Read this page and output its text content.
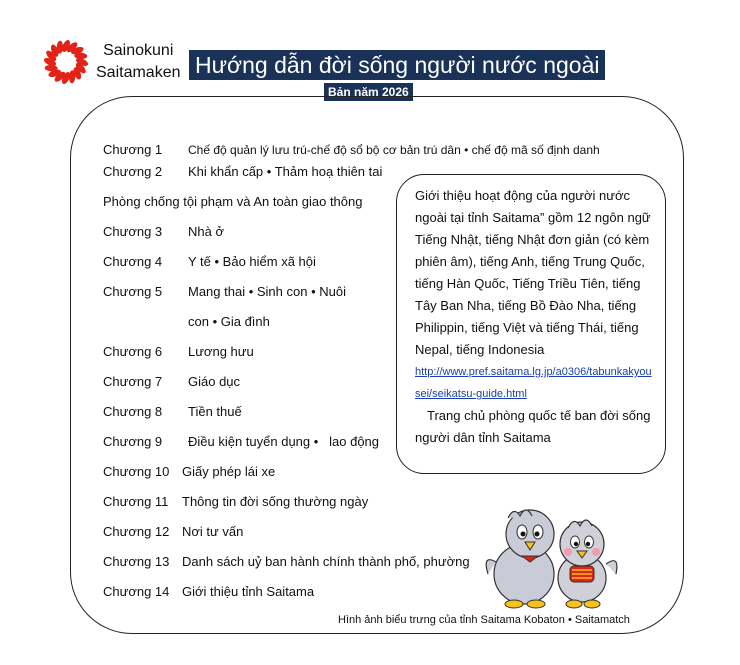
Sainokuni
Saitamaken Hướng dẫn đời sống người nước ngoài
Bản năm 2026
Chương 1 Chế độ quản lý lưu trú-chế độ sổ bộ cơ bản trú dân • chế độ mã số định danh
Chương 2 Khi khẩn cấp • Thảm hoạ thiên tai
Phòng chống tội phạm và An toàn giao thông
Chương 3 Nhà ở
Chương 4 Y tế • Bảo hiểm xã hội
Chương 5 Mang thai • Sinh con • Nuôi
con • Gia đình
Chương 6 Lương hưu
Chương 7 Giáo dục
Chương 8 Tiền thuế
Chương 9 Điều kiện tuyển dụng •   lao động
Chương 10 Giấy phép lái xe
Chương 11 Thông tin đời sống thường ngày
Chương 12 Nơi tư vấn
Chương 13 Danh sách uỷ ban hành chính thành phố, phường
Chương 14 Giới thiệu tỉnh Saitama

Giới thiệu hoạt động của người nước ngoài tại tỉnh Saitama” gồm 12 ngôn ngữ

Tiếng Nhật, tiếng Nhật đơn giản (có kèm phiên âm), tiếng Anh, tiếng Trung Quốc, tiếng Hàn Quốc, Tiếng Triều Tiên, tiếng Tây Ban Nha, tiếng Bồ Đào Nha, tiếng Philippin, tiếng Việt và tiếng Thái, tiếng Nepal, tiếng Indonesia

http://www.pref.saitama.lg.jp/a0306/tabunkakyousei/seikatsu-guide.html

Trang chủ phòng quốc tế ban đời sống người dân tỉnh Saitama

Hình ảnh biểu trưng của tỉnh Saitama Kobaton • Saitamatch
